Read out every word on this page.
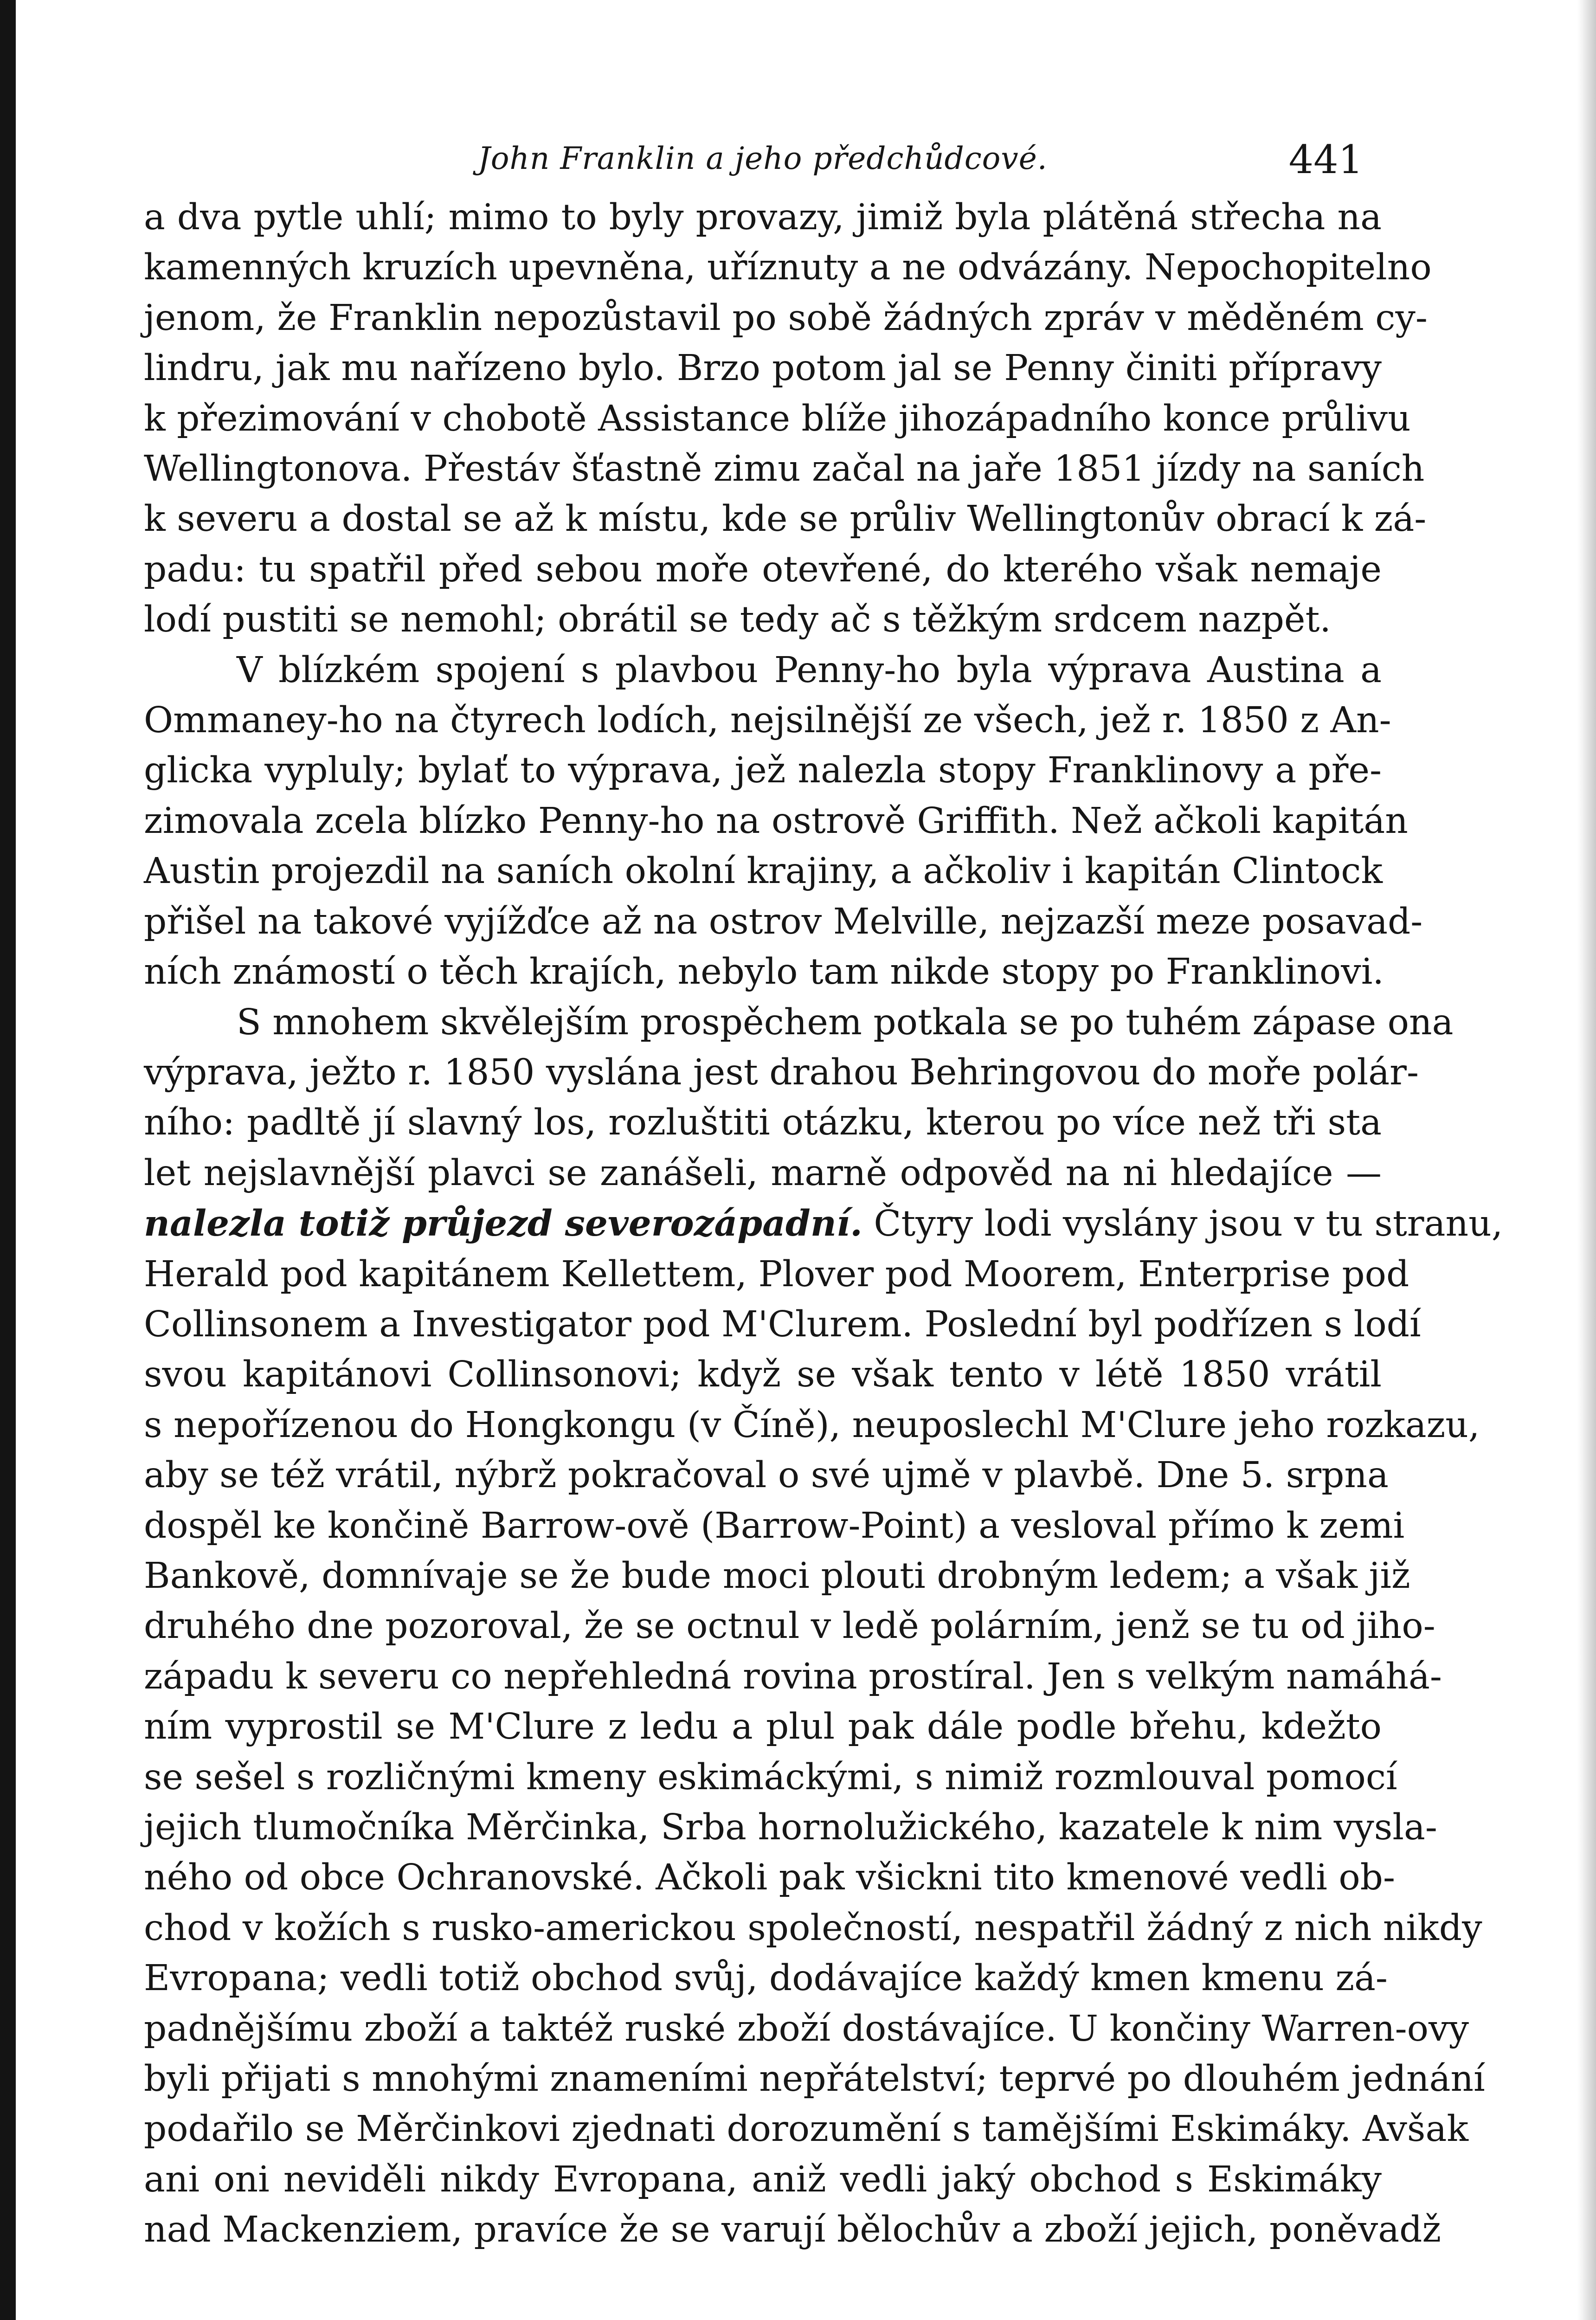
John Franklin a jeho předchůdcové.	441

a dva pytle uhlí; mimo to byly provazy, jimiž byla plátěná střecha na

kamenných kruzích upevněna, uříznuty a ne odvázány. Nepochopitelno

jenom, že Franklin nepozůstavil po sobě žádných zpráv v měděném cy-

lindru, jak mu nařízeno bylo. Brzo potom jal se Penny činiti přípravy

k přezimování v chobotě Assistance blíže jihozápadního konce průlivu

Wellingtonova. Přestáv šťastně zimu začal na jaře 1851 jízdy na saních

k severu a dostal se až k místu, kde se průliv Wellingtonův obrací k zá-

padu: tu spatřil před sebou moře otevřené, do kterého však nemaje

lodí pustiti se nemohl; obrátil se tedy ač s těžkým srdcem nazpět.

V blízkém spojení s plavbou Penny-ho byla výprava Austina a

Ommaney-ho na čtyrech lodích, nejsilnější ze všech, jež r. 1850 z An-

glicka vypluly; bylať to výprava, jež nalezla stopy Franklinovy a pře-

zimovala zcela blízko Penny-ho na ostrově Griffith. Než ačkoli kapitán

Austin projezdil na saních okolní krajiny, a ačkoliv i kapitán Clintock

přišel na takové vyjížďce až na ostrov Melville, nejzazší meze posavad-

ních známostí o těch krajích, nebylo tam nikde stopy po Franklinovi.

S mnohem skvělejším prospěchem potkala se po tuhém zápase ona

výprava, ježto r. 1850 vyslána jest drahou Behringovou do moře polár-

ního: padltě jí slavný los, rozluštiti otázku, kterou po více než tři sta

let nejslavnější plavci se zanášeli, marně odpověd na ni hledajíce —

nalezla totiž průjezd severozápadní. Čtyry lodi vyslány jsou v tu stranu,

Herald pod kapitánem Kellettem, Plover pod Moorem, Enterprise pod

Collinsonem a Investigator pod M'Clurem. Poslední byl podřízen s lodí

svou kapitánovi Collinsonovi; když se však tento v létě 1850 vrátil

s nepořízenou do Hongkongu (v Číně), neuposlechl M'Clure jeho rozkazu,

aby se též vrátil, nýbrž pokračoval o své ujmě v plavbě. Dne 5. srpna

dospěl ke končině Barrow-ově (Barrow-Point) a vesloval přímo k zemi

Bankově, domnívaje se že bude moci plouti drobným ledem; a však již

druhého dne pozoroval, že se octnul v ledě polárním, jenž se tu od jiho-

západu k severu co nepřehledná rovina prostíral. Jen s velkým namáhá-

ním vyprostil se M'Clure z ledu a plul pak dále podle břehu, kdežto

se sešel s rozličnými kmeny eskimáckými, s nimiž rozmlouval pomocí

jejich tlumočníka Měrčinka, Srba hornolužického, kazatele k nim vysla-

ného od obce Ochranovské. Ačkoli pak všickni tito kmenové vedli ob-

chod v kožích s rusko-americkou společností, nespatřil žádný z nich nikdy

Evropana; vedli totiž obchod svůj, dodávajíce každý kmen kmenu zá-

padnějšímu zboží a taktéž ruské zboží dostávajíce. U končiny Warren-ovy

byli přijati s mnohými znameními nepřátelství; teprvé po dlouhém jednání

podařilo se Měrčinkovi zjednati dorozumění s tamějšími Eskimáky. Avšak

ani oni neviděli nikdy Evropana, aniž vedli jaký obchod s Eskimáky

nad Mackenziem, pravíce že se varují bělochův a zboží jejich, poněvadž
